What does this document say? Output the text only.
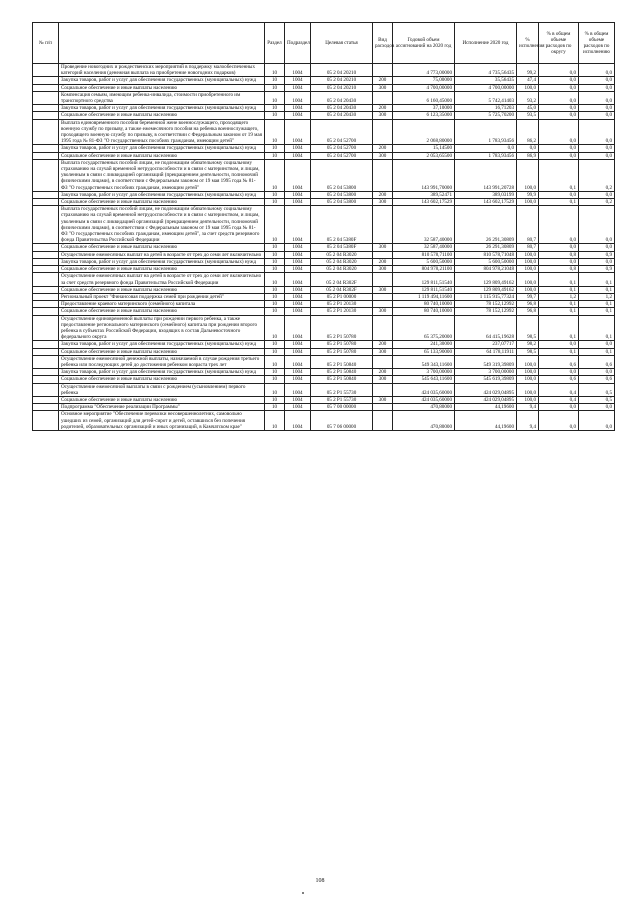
№ п/п		Раздел	Подраздел	Целевая статья	Вид расходов	Годовой объем ассигнований на 2020 год	Исполнение 2020 год	% исполнения	% в общем объеме расходов по округу	% в общем объеме расходов по исполнению
	Проведение новогодних и рождественских мероприятий в поддержку малообеспеченных категорий населения (денежная выплата на приобретение новогодних подарков)	10	1004	05 2 04 20210		4 773,00000	4 735,56435	99,2	0,0	0,0
	Закупка товаров, работ и услуг для обеспечения государственных (муниципальных) нужд	10	1004	05 2 04 20210	200	75,00000	35,56435	47,4	0,0	0,0
	Социальное обеспечение и иные выплаты населению	10	1004	05 2 04 20210	300	4 700,00000	4 700,00000	100,0	0,0	0,0
	Компенсация семьям, имеющим ребенка-инвалида, стоимости приобретенного им транспортного средства	10	1004	05 2 04 20430		6 160,45000	5 742,41403	93,2	0,0	0,0
	Закупка товаров, работ и услуг для обеспечения государственных (муниципальных) нужд	10	1004	05 2 04 20430	200	37,10000	16,71203	45,0	0,0	0,0
	Социальное обеспечение и иные выплаты населению	10	1004	05 2 04 20430	300	6 123,35000	5 725,70200	93,5	0,0	0,0
	Выплата единовременного пособия беременной жене военнослужащего, проходящего военную службу по призыву, а также ежемесячного пособия на ребенка военнослужащего, проходящего военную службу по призыву, в соответствии с Федеральным законом от 19 мая 1995 года № 81-ФЗ "О государственных пособиях гражданам, имеющим детей"	10	1004	05 2 04 52700		2 068,80000	1 783,93456	86,2	0,0	0,0
	Закупка товаров, работ и услуг для обеспечения государственных (муниципальных) нужд	10	1004	05 2 04 52700	200	15,14500	0,0	0,0	0,0	0,0
	Социальное обеспечение и иные выплаты населению	10	1004	05 2 04 52700	300	2 053,65500	1 783,93456	86,9	0,0	0,0
	Выплата государственных пособий лицам, не подлежащим обязательному социальному страхованию на случай временной нетрудоспособности и в связи с материнством, и лицам, уволенным в связи с ликвидацией организаций (прекращением деятельности, полномочий физическими лицами), в соответствии с Федеральным законом от 19 мая 1995 года № 81-ФЗ "О государственных пособиях гражданам, имеющим детей"	10	1004	05 2 04 53800		143 991,70000	143 991,20728	100,0	0,1	0,2
	Закупка товаров, работ и услуг для обеспечения государственных (муниципальных) нужд	10	1004	05 2 04 53800	200	389,52471	389,03199	99,9	0,0	0,0
	Социальное обеспечение и иные выплаты населению	10	1004	05 2 04 53800	300	143 602,17529	143 602,17529	100,0	0,1	0,2
	Выплата государственных пособий лицам, не подлежащим обязательному социальному страхованию на случай временной нетрудоспособности и в связи с материнством, и лицам, уволенным в связи с ликвидацией организаций (прекращением деятельности, полномочий физическими лицами), в соответствии с Федеральным законом от 19 мая 1995 года № 81-ФЗ "О государственных пособиях гражданам, имеющим детей", за счет средств резервного фонда Правительства Российской Федерации	10	1004	05 2 04 5380F		32 587,40000	26 291,30809	80,7	0,0	0,0
	Социальное обеспечение и иные выплаты населению	10	1004	05 2 04 5380F	300	32 587,40000	26 291,30809	80,7	0,0	0,0
	Осуществление ежемесячных выплат на детей в возрасте от трех до семи лет включительно	10	1004	05 2 04 R3020		810 578,71100	810 578,71048	100,0	0,8	0,9
	Закупка товаров, работ и услуг для обеспечения государственных (муниципальных) нужд	10	1004	05 2 04 R3020	200	5 600,50000	5 600,50000	100,0	0,0	0,0
	Социальное обеспечение и иные выплаты населению	10	1004	05 2 04 R3020	300	804 978,21100	804 978,21048	100,0	0,8	0,9
	Осуществление ежемесячных выплат на детей в возрасте от трех до семи лет включительно за счет средств резервного фонда Правительства Российской Федерации	10	1004	05 2 04 R302F		129 811,51540	129 809,49162	100,0	0,1	0,1
	Социальное обеспечение и иные выплаты населению	10	1004	05 2 04 R302F	300	129 811,51540	129 809,49162	100,0	0,1	0,1
	Региональный проект "Финансовая поддержка семей при рождении детей"	10	1004	05 2 P1 00000		1 119 494,11600	1 115 915,77324	99,7	1,2	1,2
	Предоставление краевого материнского (семейного) капитала	10	1004	05 2 P1 20130		80 740,10000	78 152,12992	96,8	0,1	0,1
	Социальное обеспечение и иные выплаты населению	10	1004	05 2 P1 20130	300	80 740,10000	78 152,12992	96,8	0,1	0,1
	Осуществление единовременной выплаты при рождении первого ребенка, а также предоставление регионального материнского (семейного) капитала при рождении второго ребенка в субъектах Российской Федерации, входящих в состав Дальневосточного федерального округа	10	1004	05 2 P1 50780		65 375,20000	64 415,19628	98,5	0,1	0,1
	Закупка товаров, работ и услуг для обеспечения государственных (муниципальных) нужд	10	1004	05 2 P1 50780	200	241,30000	237,07717	98,2	0,0	0,0
	Социальное обеспечение и иные выплаты населению	10	1004	05 2 P1 50780	300	65 133,90000	64 178,11911	98,5	0,1	0,1
	Осуществление ежемесячной денежной выплаты, назначаемой в случае рождения третьего ребенка или последующих детей до достижения ребенком возраста трех лет	10	1004	05 2 P1 50840		549 343,11600	549 319,39809	100,0	0,6	0,6
	Закупка товаров, работ и услуг для обеспечения государственных (муниципальных) нужд	10	1004	05 2 P1 50840	200	3 700,00000	3 700,00000	100,0	0,0	0,0
	Социальное обеспечение и иные выплаты населению	10	1004	05 2 P1 50840	300	545 643,11600	545 619,39809	100,0	0,6	0,6
	Осуществление ежемесячной выплаты в связи с рождением (усыновлением) первого ребенка	10	1004	05 2 P1 55730		424 035,60000	424 029,04895	100,0	0,4	0,5
	Социальное обеспечение и иные выплаты населению	10	1004	05 2 P1 55730	300	424 035,60000	424 029,04895	100,0	0,4	0,5
	Подпрограмма "Обеспечение реализации Программы"	10	1004	05 7 00 00000		470,80000	44,19600	9,4	0,0	0,0
	Основное мероприятие "Обеспечение перевозки несовершеннолетних, самовольно ушедших из семей, организаций для детей-сирот и детей, оставшихся без попечения родителей, образовательных организаций и иных организаций, в Камчатском крае"	10	1004	05 7 06 00000		470,80000	44,19600	9,4	0,0	0,0
108
